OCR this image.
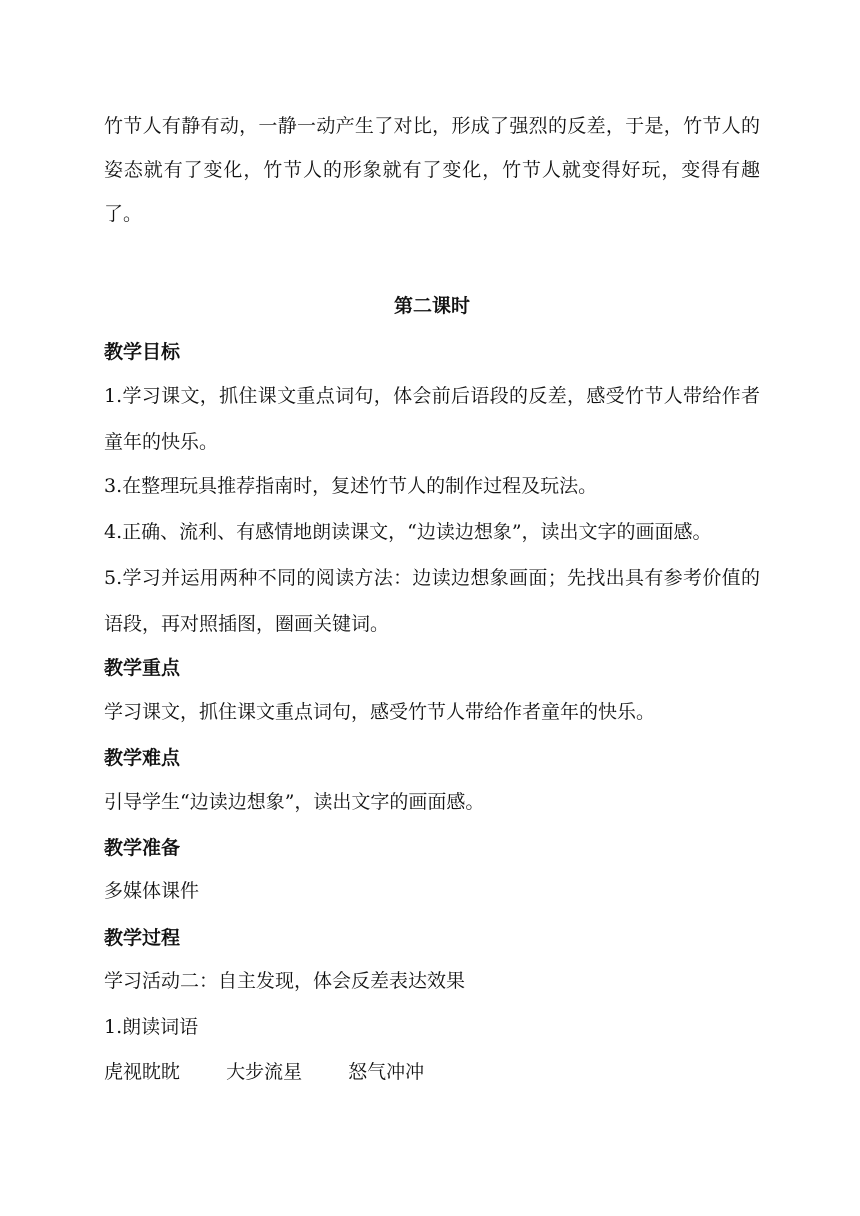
竹节人有静有动，一静一动产生了对比，形成了强烈的反差，于是，竹节人的姿态就有了变化，竹节人的形象就有了变化，竹节人就变得好玩，变得有趣了。

第二课时
教学目标

1.学习课文，抓住课文重点词句，体会前后语段的反差，感受竹节人带给作者童年的快乐。

3.在整理玩具推荐指南时，复述竹节人的制作过程及玩法。

4.正确、流利、有感情地朗读课文，“边读边想象”，读出文字的画面感。

5.学习并运用两种不同的阅读方法：边读边想象画面；先找出具有参考价值的语段，再对照插图，圈画关键词。

教学重点

学习课文，抓住课文重点词句，感受竹节人带给作者童年的快乐。

教学难点

引导学生“边读边想象”，读出文字的画面感。

教学准备

多媒体课件

教学过程

学习活动二：自主发现，体会反差表达效果

1.朗读词语

虎视眈眈 大步流星 怒气冲冲
